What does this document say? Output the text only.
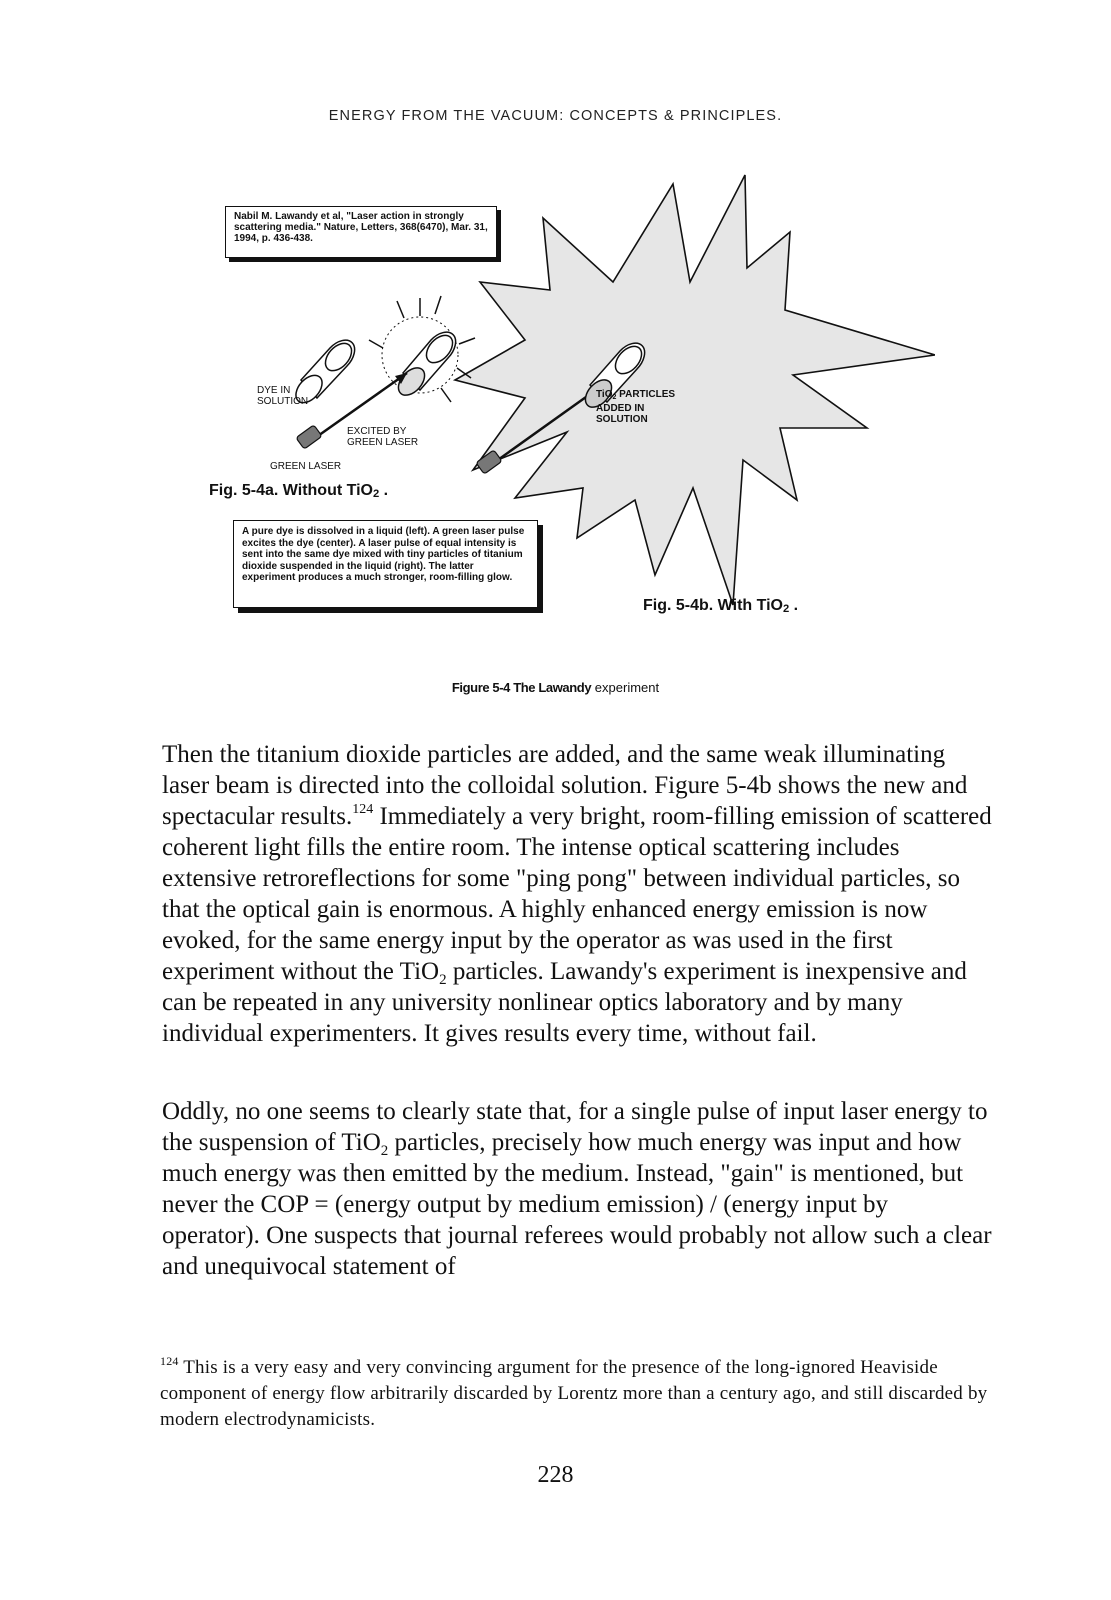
ENERGY FROM THE VACUUM: CONCEPTS & PRINCIPLES.
Nabil M. Lawandy et al, "Laser action in strongly scattering media." Nature, Letters, 368(6470), Mar. 31, 1994, p. 436-438.
DYE IN
SOLUTION
EXCITED BY
GREEN LASER
GREEN LASER
TiO$_2$ PARTICLES
ADDED IN
SOLUTION
Fig. 5-4a. Without TiO$_2$ .
A pure dye is dissolved in a liquid (left). A green laser pulse excites the dye (center). A laser pulse of equal intensity is sent into the same dye mixed with tiny particles of titanium dioxide suspended in the liquid (right). The latter experiment produces a much stronger, room-filling glow.
Fig. 5-4b. With TiO$_2$ .
Figure 5-4 The Lawandy experiment
Then the titanium dioxide particles are added, and the same weak illuminating laser beam is directed into the colloidal solution. Figure 5-4b shows the new and spectacular results.$^{124}$ Immediately a very bright, room-filling emission of scattered coherent light fills the entire room. The intense optical scattering includes extensive retroreflections for some "ping pong" between individual particles, so that the optical gain is enormous. A highly enhanced energy emission is now evoked, for the same energy input by the operator as was used in the first experiment without the TiO$_2$ particles. Lawandy's experiment is inexpensive and can be repeated in any university nonlinear optics laboratory and by many individual experimenters. It gives results every time, without fail.
Oddly, no one seems to clearly state that, for a single pulse of input laser energy to the suspension of TiO$_2$ particles, precisely how much energy was input and how much energy was then emitted by the medium. Instead, "gain" is mentioned, but never the COP = (energy output by medium emission) / (energy input by operator). One suspects that journal referees would probably not allow such a clear and unequivocal statement of
$^{124}$ This is a very easy and very convincing argument for the presence of the long-ignored Heaviside component of energy flow arbitrarily discarded by Lorentz more than a century ago, and still discarded by modern electrodynamicists.
228
